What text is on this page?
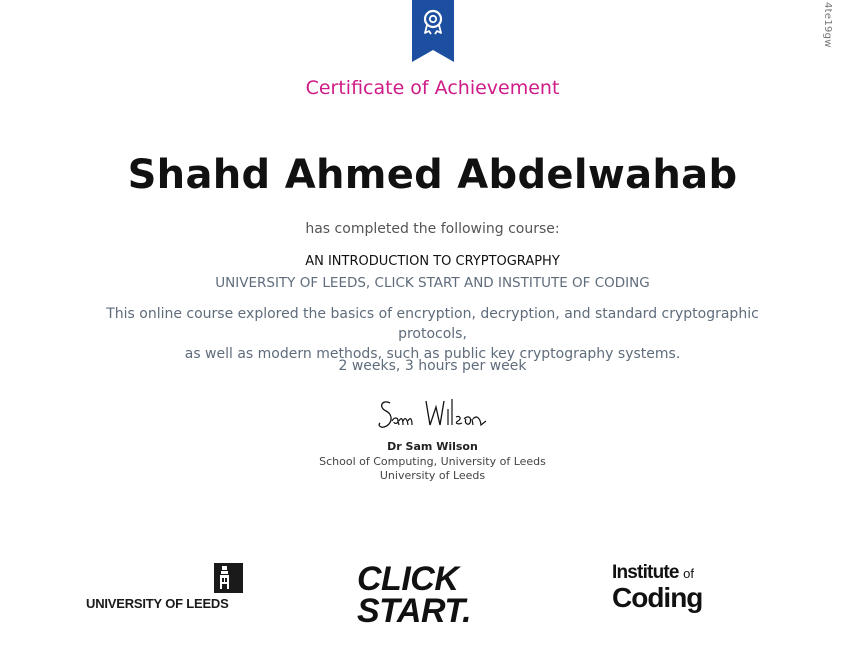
4te19gw
Certificate of Achievement
Shahd Ahmed Abdelwahab
has completed the following course:
AN INTRODUCTION TO CRYPTOGRAPHY
UNIVERSITY OF LEEDS, CLICK START AND INSTITUTE OF CODING
This online course explored the basics of encryption, decryption, and standard cryptographic protocols,
as well as modern methods, such as public key cryptography systems.
2 weeks, 3 hours per week
Dr Sam Wilson
School of Computing, University of Leeds
University of Leeds
UNIVERSITY OF LEEDS
CLICK
START.
Institute of
Coding
